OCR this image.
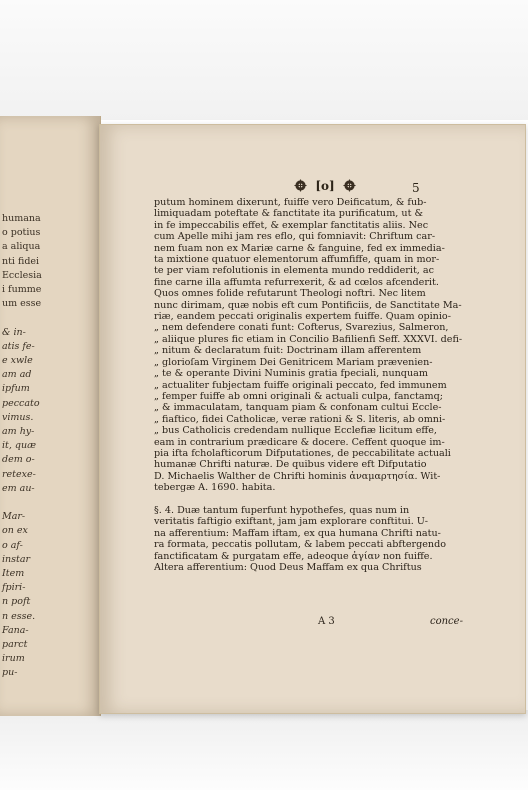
humana
o potius
a aliqua
nti fidei
Ecclesia
i fumme
um esse
& in-
atis fe-
e xwle
am ad
ipfum
peccato
vimus.
am hy-
it, quæ
dem o-
retexe-
em au-
Mar-
on ex
o af-
instar
Item
fpiri-
n poft
n esse.
Fana-
parct
irum
pu-
[o]	5
putum hominem dixerunt, fuiffe vero Deificatum, & fub-
limiquadam poteftate & fanctitate ita purificatum, ut &
in fe impeccabilis effet, & exemplar fanctitatis aliis. Nec
cum Apelle mihi jam res eflo, qui fomniavit: Chriftum car-
nem fuam non ex Mariæ carne & fanguine, fed ex immedia-
ta mixtione quatuor elementorum affumfiffe, quam in mor-
te per viam refolutionis in elementa mundo reddiderit, ac
fine carne illa affumta refurrexerit, & ad cœlos afcenderit.
Quos omnes folide refutarunt Theologi noftri. Nec litem
nunc dirimam, quæ nobis eft cum Pontificiis, de Sanctitate Ma-
riæ, eandem peccati originalis expertem fuiffe. Quam opinio-
„ nem defendere conati funt: Cofterus, Svarezius, Salmeron,
„ aliique plures fic etiam in Concilio Bafilienfi Seff. XXXVI. defi-
„ nitum & declaratum fuit: Doctrinam illam afferentem
„ glorioſam Virginem Dei Genitricem Mariam prævenien-
„ te & operante Divini Numinis gratia fpeciali, nunquam
„ actualiter fubjectam fuiffe originali peccato, fed immunem
„ femper fuiffe ab omni originali & actuali culpa, fanctamq;
„ & immaculatam, tanquam piam & confonam cultui Eccle-
„ fiaftico, fidei Catholicæ, veræ rationi & S. literis, ab omni-
„ bus Catholicis credendam nullique Ecclefiæ licitum effe,
eam in contrarium prædicare & docere. Ceffent quoque im-
pia ifta fcholafticorum Difputationes, de peccabilitate actuali
humanæ Chrifti naturæ. De quibus videre eft Difputatio
D. Michaelis Walther de Chrifti hominis ἀναμαρτησία. Wit-
tebergæ A. 1690. habita.
§. 4. Duæ tantum fuperfunt hypothefes, quas num in
veritatis faftigio exiftant, jam jam explorare conftitui. U-
na afferentium: Maffam iftam, ex qua humana Chrifti natu-
ra formata, peccatis pollutam, & labem peccati abftergendo
fanctificatam & purgatam effe, adeoque ἀγίαν non fuiffe.
Altera afferentium: Quod Deus Maffam ex qua Chriftus
A 3	conce-
